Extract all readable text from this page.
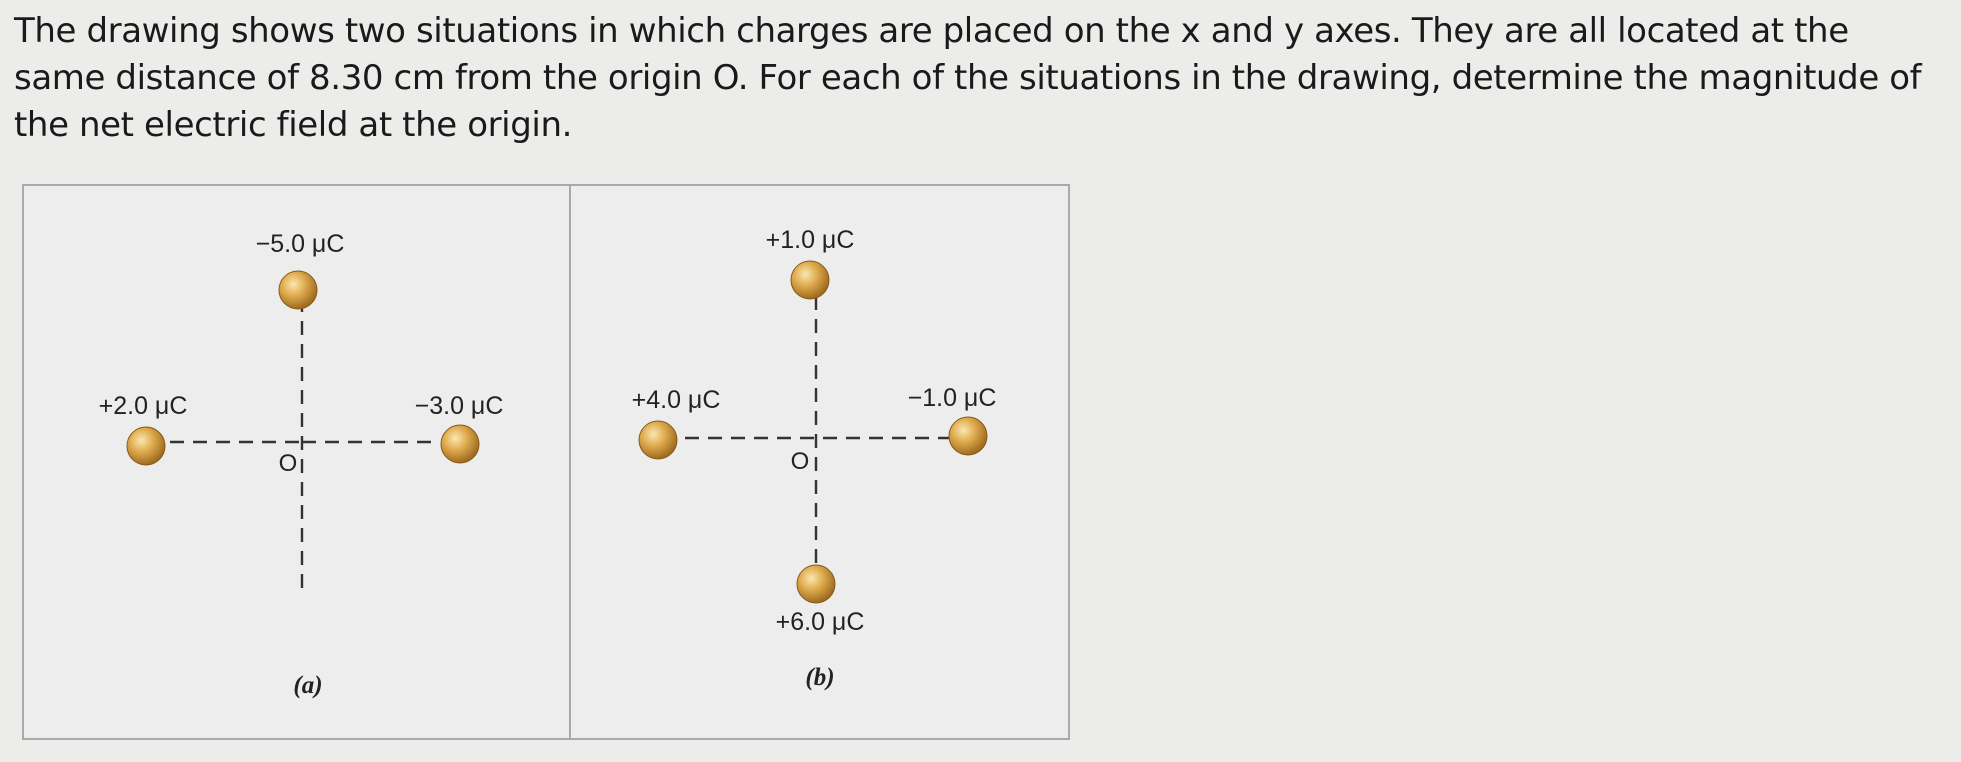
The drawing shows two situations in which charges are placed on the x and y axes. They are all located at the same distance of 8.30 cm from the origin O. For each of the situations in the drawing, determine the magnitude of the net electric field at the origin.

−5.0 μC
+2.0 μC	−3.0 μC
O
(a)
+1.0 μC
+4.0 μC	−1.0 μC
+6.0 μC
O
(b)
